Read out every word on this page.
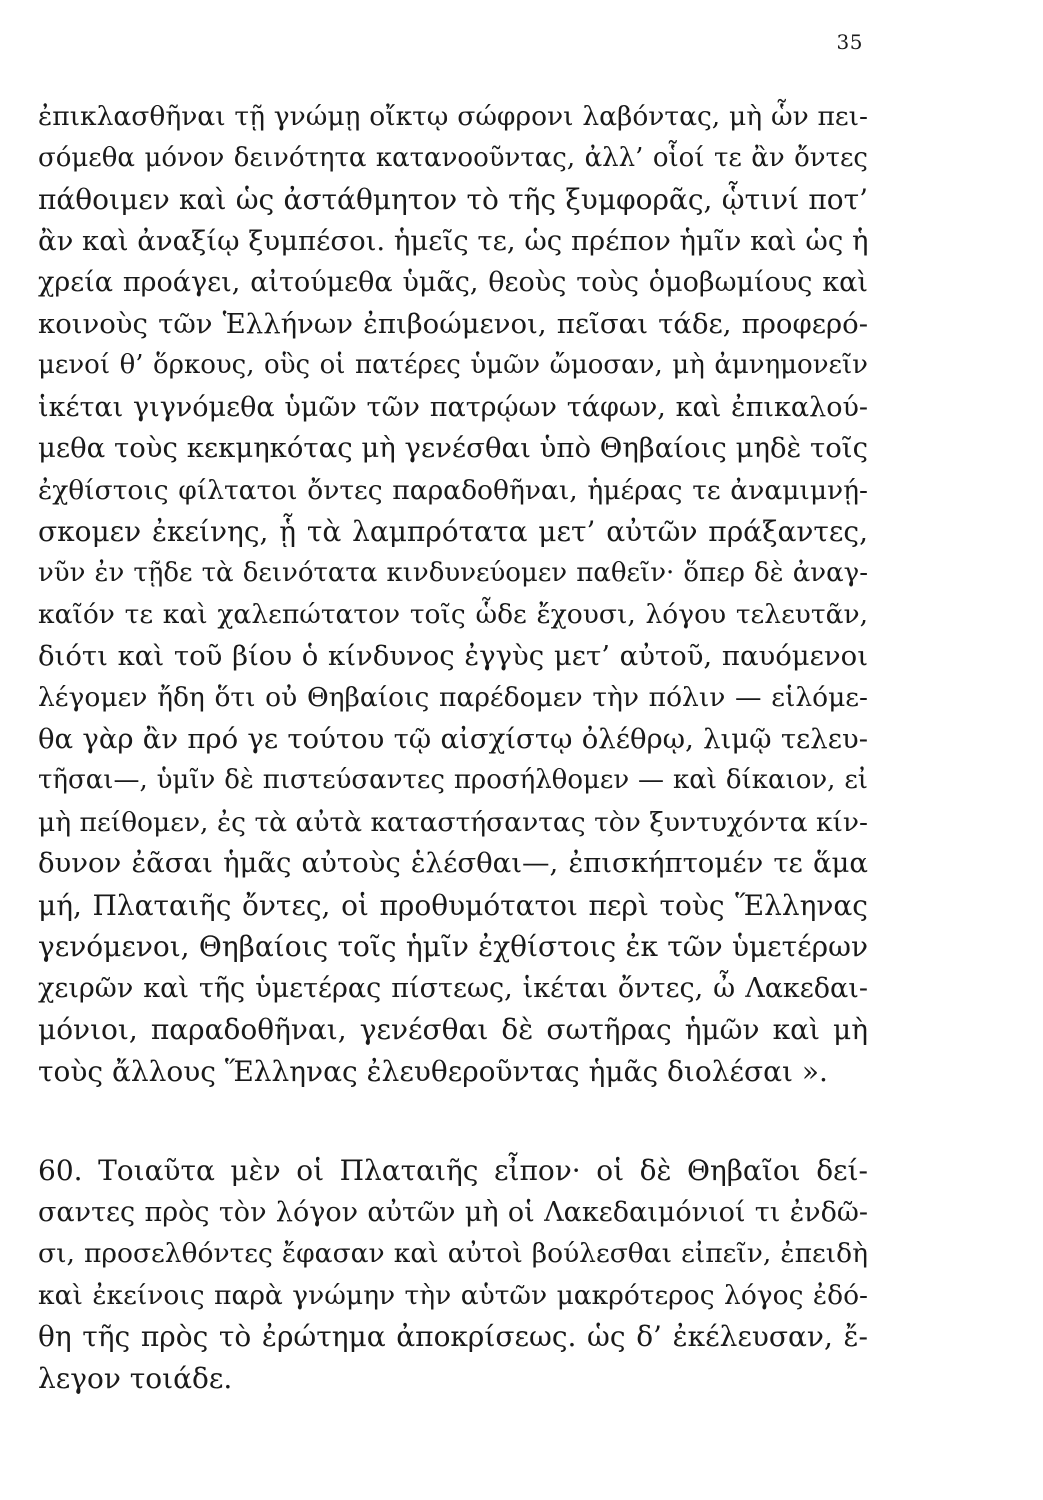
35
ἐπικλασθῆναι τῇ γνώμῃ οἴκτῳ σώφρονι λαβόντας, μὴ ὧν πει-
σόμεθα μόνον δεινότητα κατανοοῦντας, ἀλλ’ οἷοί τε ἂν ὄντες
πάθοιμεν καὶ ὡς ἀστάθμητον τὸ τῆς ξυμφορᾶς, ᾧτινί ποτ’
ἂν καὶ ἀναξίῳ ξυμπέσοι. ἡμεῖς τε, ὡς πρέπον ἡμῖν καὶ ὡς ἡ
χρεία προάγει, αἰτούμεθα ὑμᾶς, θεοὺς τοὺς ὁμοβωμίους καὶ
κοινοὺς τῶν Ἑλλήνων ἐπιβοώμενοι, πεῖσαι τάδε, προφερό-
μενοί θ’ ὅρκους, οὓς οἱ πατέρες ὑμῶν ὤμοσαν, μὴ ἀμνημονεῖν
ἱκέται γιγνόμεθα ὑμῶν τῶν πατρῴων τάφων, καὶ ἐπικαλού-
μεθα τοὺς κεκμηκότας μὴ γενέσθαι ὑπὸ Θηβαίοις μηδὲ τοῖς
ἐχθίστοις φίλτατοι ὄντες παραδοθῆναι, ἡμέρας τε ἀναμιμνῄ-
σκομεν ἐκείνης, ᾗ τὰ λαμπρότατα μετ’ αὐτῶν πράξαντες,
νῦν ἐν τῇδε τὰ δεινότατα κινδυνεύομεν παθεῖν· ὅπερ δὲ ἀναγ-
καῖόν τε καὶ χαλεπώτατον τοῖς ὧδε ἔχουσι, λόγου τελευτᾶν,
διότι καὶ τοῦ βίου ὁ κίνδυνος ἐγγὺς μετ’ αὐτοῦ, παυόμενοι
λέγομεν ἤδη ὅτι οὐ Θηβαίοις παρέδομεν τὴν πόλιν — εἱλόμε-
θα γὰρ ἂν πρό γε τούτου τῷ αἰσχίστῳ ὀλέθρῳ, λιμῷ τελευ-
τῆσαι—, ὑμῖν δὲ πιστεύσαντες προσήλθομεν — καὶ δίκαιον, εἰ
μὴ πείθομεν, ἐς τὰ αὐτὰ καταστήσαντας τὸν ξυντυχόντα κίν-
δυνον ἐᾶσαι ἡμᾶς αὐτοὺς ἑλέσθαι—, ἐπισκήπτομέν τε ἅμα
μή, Πλαταιῆς ὄντες, οἱ προθυμότατοι περὶ τοὺς Ἕλληνας
γενόμενοι, Θηβαίοις τοῖς ἡμῖν ἐχθίστοις ἐκ τῶν ὑμετέρων
χειρῶν καὶ τῆς ὑμετέρας πίστεως, ἱκέται ὄντες, ὦ Λακεδαι-
μόνιοι, παραδοθῆναι, γενέσθαι δὲ σωτῆρας ἡμῶν καὶ μὴ
τοὺς ἄλλους Ἕλληνας ἐλευθεροῦντας ἡμᾶς διολέσαι ».
60. Τοιαῦτα μὲν οἱ Πλαταιῆς εἶπον· οἱ δὲ Θηβαῖοι δεί-
σαντες πρὸς τὸν λόγον αὐτῶν μὴ οἱ Λακεδαιμόνιοί τι ἐνδῶ-
σι, προσελθόντες ἔφασαν καὶ αὐτοὶ βούλεσθαι εἰπεῖν, ἐπειδὴ
καὶ ἐκείνοις παρὰ γνώμην τὴν αὑτῶν μακρότερος λόγος ἐδό-
θη τῆς πρὸς τὸ ἐρώτημα ἀποκρίσεως. ὡς δ’ ἐκέλευσαν, ἔ-
λεγον τοιάδε.
